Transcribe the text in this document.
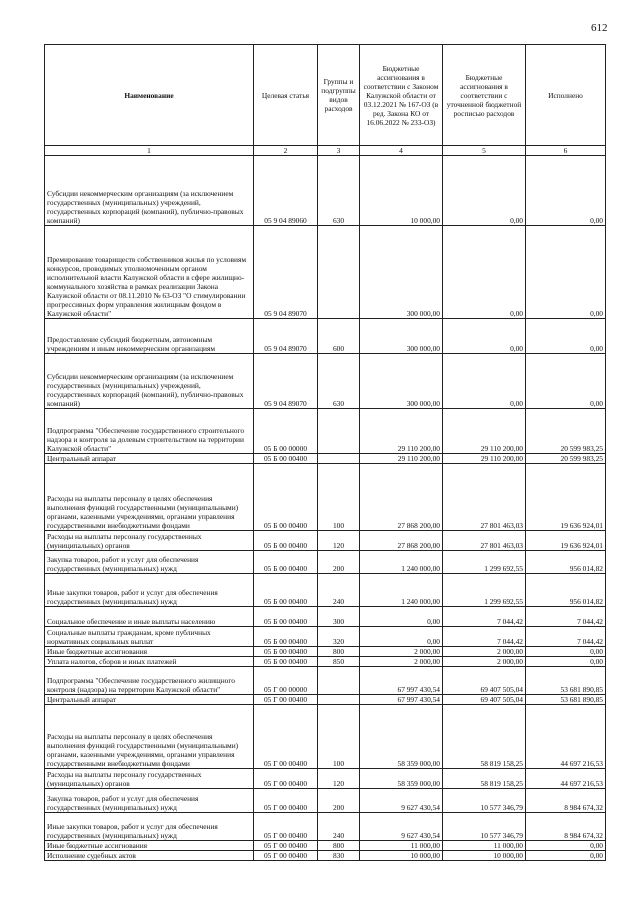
612
Наименование	Целевая статья	Группы и подгруппы видов расходов	Бюджетные ассигнования в соответствии с Законом Калужской области от 03.12.2021 № 167-ОЗ (в ред. Закона КО от 16.06.2022 № 233-ОЗ)	Бюджетные ассигнования в соответствии с уточненной бюджетной росписью расходов	Исполнено
1	2	3	4	5	6
Субсидии некоммерческим организациям (за исключением государственных (муниципальных) учреждений, государственных корпораций (компаний), публично-правовых компаний)	05 9 04 89060	630	10 000,00	0,00	0,00
Премирование товариществ собственников жилья по условиям конкурсов, проводимых уполномоченным органом исполнительной власти Калужской области в сфере жилищно-коммунального хозяйства в рамках реализации Закона Калужской области от 08.11.2010 № 63-ОЗ "О стимулировании прогрессивных форм управления жилищным фондом в Калужской области"	05 9 04 89070		300 000,00	0,00	0,00
Предоставление субсидий бюджетным, автономным учреждениям и иным некоммерческим организациям	05 9 04 89070	600	300 000,00	0,00	0,00
Субсидии некоммерческим организациям (за исключением государственных (муниципальных) учреждений, государственных корпораций (компаний), публично-правовых компаний)	05 9 04 89070	630	300 000,00	0,00	0,00
Подпрограмма "Обеспечение государственного строительного надзора и контроля за долевым строительством на территории Калужской области"	05 Б 00 00000		29 110 200,00	29 110 200,00	20 599 983,25
Центральный аппарат	05 Б 00 00400		29 110 200,00	29 110 200,00	20 599 983,25
Расходы на выплаты персоналу в целях обеспечения выполнения функций государственными (муниципальными) органами, казенными учреждениями, органами управления государственными внебюджетными фондами	05 Б 00 00400	100	27 868 200,00	27 801 463,03	19 636 924,01
Расходы на выплаты персоналу государственных (муниципальных) органов	05 Б 00 00400	120	27 868 200,00	27 801 463,03	19 636 924,01
Закупка товаров, работ и услуг для обеспечения государственных (муниципальных) нужд	05 Б 00 00400	200	1 240 000,00	1 299 692,55	956 014,82
Иные закупки товаров, работ и услуг для обеспечения государственных (муниципальных) нужд	05 Б 00 00400	240	1 240 000,00	1 299 692,55	956 014,82
Социальное обеспечение и иные выплаты населению	05 Б 00 00400	300	0,00	7 044,42	7 044,42
Социальные выплаты гражданам, кроме публичных нормативных социальных выплат	05 Б 00 00400	320	0,00	7 044,42	7 044,42
Иные бюджетные ассигнования	05 Б 00 00400	800	2 000,00	2 000,00	0,00
Уплата налогов, сборов и иных платежей	05 Б 00 00400	850	2 000,00	2 000,00	0,00
Подпрограмма "Обеспечение государственного жилищного контроля (надзора) на территории Калужской области"	05 Г 00 00000		67 997 430,54	69 407 505,04	53 681 890,85
Центральный аппарат	05 Г 00 00400		67 997 430,54	69 407 505,04	53 681 890,85
Расходы на выплаты персоналу в целях обеспечения выполнения функций государственными (муниципальными) органами, казенными учреждениями, органами управления государственными внебюджетными фондами	05 Г 00 00400	100	58 359 000,00	58 819 158,25	44 697 216,53
Расходы на выплаты персоналу государственных (муниципальных) органов	05 Г 00 00400	120	58 359 000,00	58 819 158,25	44 697 216,53
Закупка товаров, работ и услуг для обеспечения государственных (муниципальных) нужд	05 Г 00 00400	200	9 627 430,54	10 577 346,79	8 984 674,32
Иные закупки товаров, работ и услуг для обеспечения государственных (муниципальных) нужд	05 Г 00 00400	240	9 627 430,54	10 577 346,79	8 984 674,32
Иные бюджетные ассигнования	05 Г 00 00400	800	11 000,00	11 000,00	0,00
Исполнение судебных актов	05 Г 00 00400	830	10 000,00	10 000,00	0,00
